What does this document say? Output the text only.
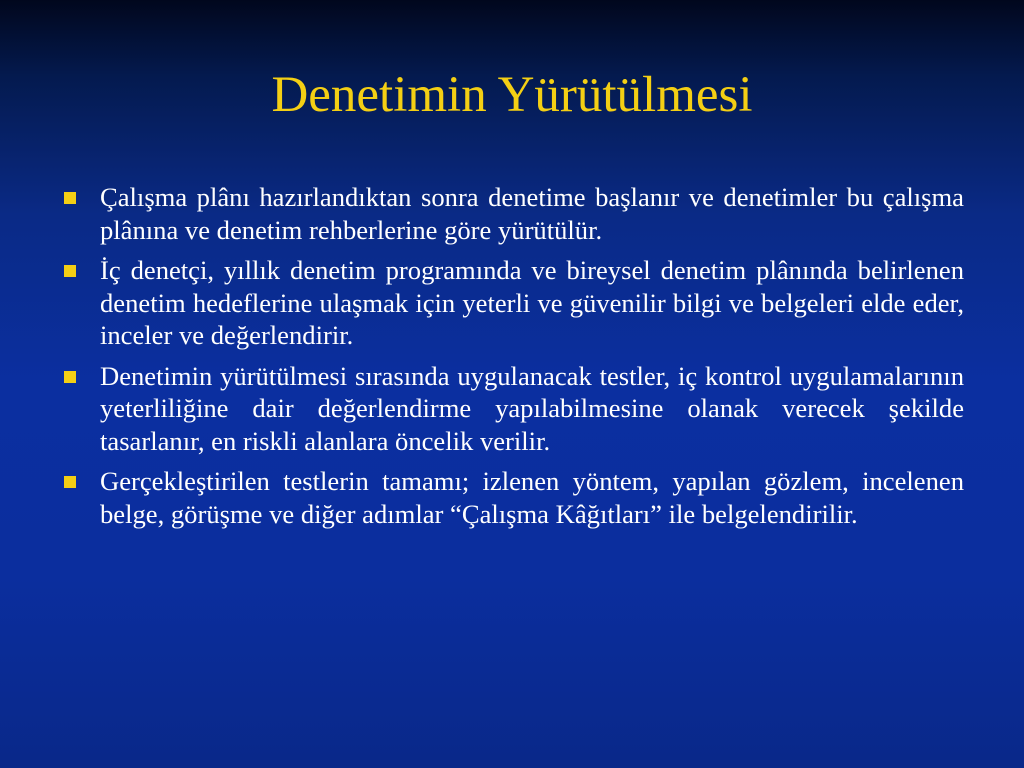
Denetimin Yürütülmesi
Çalışma plânı hazırlandıktan sonra denetime başlanır ve denetimler bu çalışma plânına ve denetim rehberlerine göre yürütülür.
İç denetçi, yıllık denetim programında ve bireysel denetim plânında belirlenen denetim hedeflerine ulaşmak için yeterli ve güvenilir bilgi ve belgeleri elde eder, inceler ve değerlendirir.
Denetimin yürütülmesi sırasında uygulanacak testler, iç kontrol uygulamalarının yeterliliğine dair değerlendirme yapılabilmesine olanak verecek şekilde tasarlanır, en riskli alanlara öncelik verilir.
Gerçekleştirilen testlerin tamamı; izlenen yöntem, yapılan gözlem, incelenen belge, görüşme ve diğer adımlar “Çalışma Kâğıtları” ile belgelendirilir.
